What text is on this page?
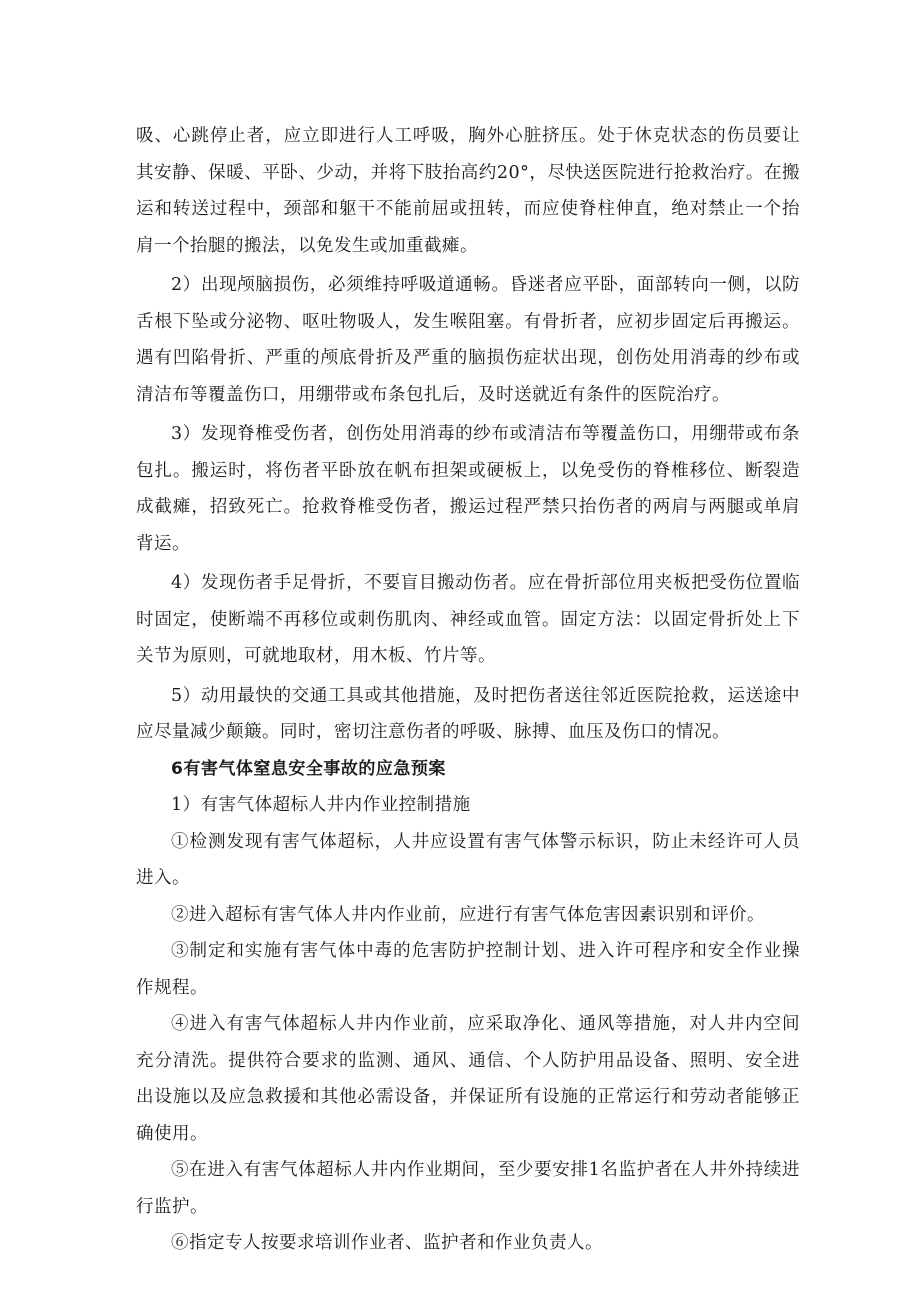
吸、心跳停止者，应立即进行人工呼吸，胸外心脏挤压。处于休克状态的伤员要让其安静、保暖、平卧、少动，并将下肢抬高约20°，尽快送医院进行抢救治疗。在搬运和转送过程中，颈部和躯干不能前屈或扭转，而应使脊柱伸直，绝对禁止一个抬肩一个抬腿的搬法，以免发生或加重截瘫。

2）出现颅脑损伤，必须维持呼吸道通畅。昏迷者应平卧，面部转向一侧，以防舌根下坠或分泌物、呕吐物吸人，发生喉阻塞。有骨折者，应初步固定后再搬运。遇有凹陷骨折、严重的颅底骨折及严重的脑损伤症状出现，创伤处用消毒的纱布或清洁布等覆盖伤口，用绷带或布条包扎后，及时送就近有条件的医院治疗。

3）发现脊椎受伤者，创伤处用消毒的纱布或清洁布等覆盖伤口，用绷带或布条包扎。搬运时，将伤者平卧放在帆布担架或硬板上，以免受伤的脊椎移位、断裂造成截瘫，招致死亡。抢救脊椎受伤者，搬运过程严禁只抬伤者的两肩与两腿或单肩背运。

4）发现伤者手足骨折，不要盲目搬动伤者。应在骨折部位用夹板把受伤位置临时固定，使断端不再移位或刺伤肌肉、神经或血管。固定方法：以固定骨折处上下关节为原则，可就地取材，用木板、竹片等。

5）动用最快的交通工具或其他措施，及时把伤者送往邻近医院抢救，运送途中应尽量减少颠簸。同时，密切注意伤者的呼吸、脉搏、血压及伤口的情况。

6有害气体窒息安全事故的应急预案

1）有害气体超标人井内作业控制措施

①检测发现有害气体超标，人井应设置有害气体警示标识，防止未经许可人员进入。

②进入超标有害气体人井内作业前，应进行有害气体危害因素识别和评价。

③制定和实施有害气体中毒的危害防护控制计划、进入许可程序和安全作业操作规程。

④进入有害气体超标人井内作业前，应采取净化、通风等措施，对人井内空间充分清洗。提供符合要求的监测、通风、通信、个人防护用品设备、照明、安全进出设施以及应急救援和其他必需设备，并保证所有设施的正常运行和劳动者能够正确使用。

⑤在进入有害气体超标人井内作业期间，至少要安排1名监护者在人井外持续进行监护。

⑥指定专人按要求培训作业者、监护者和作业负责人。
